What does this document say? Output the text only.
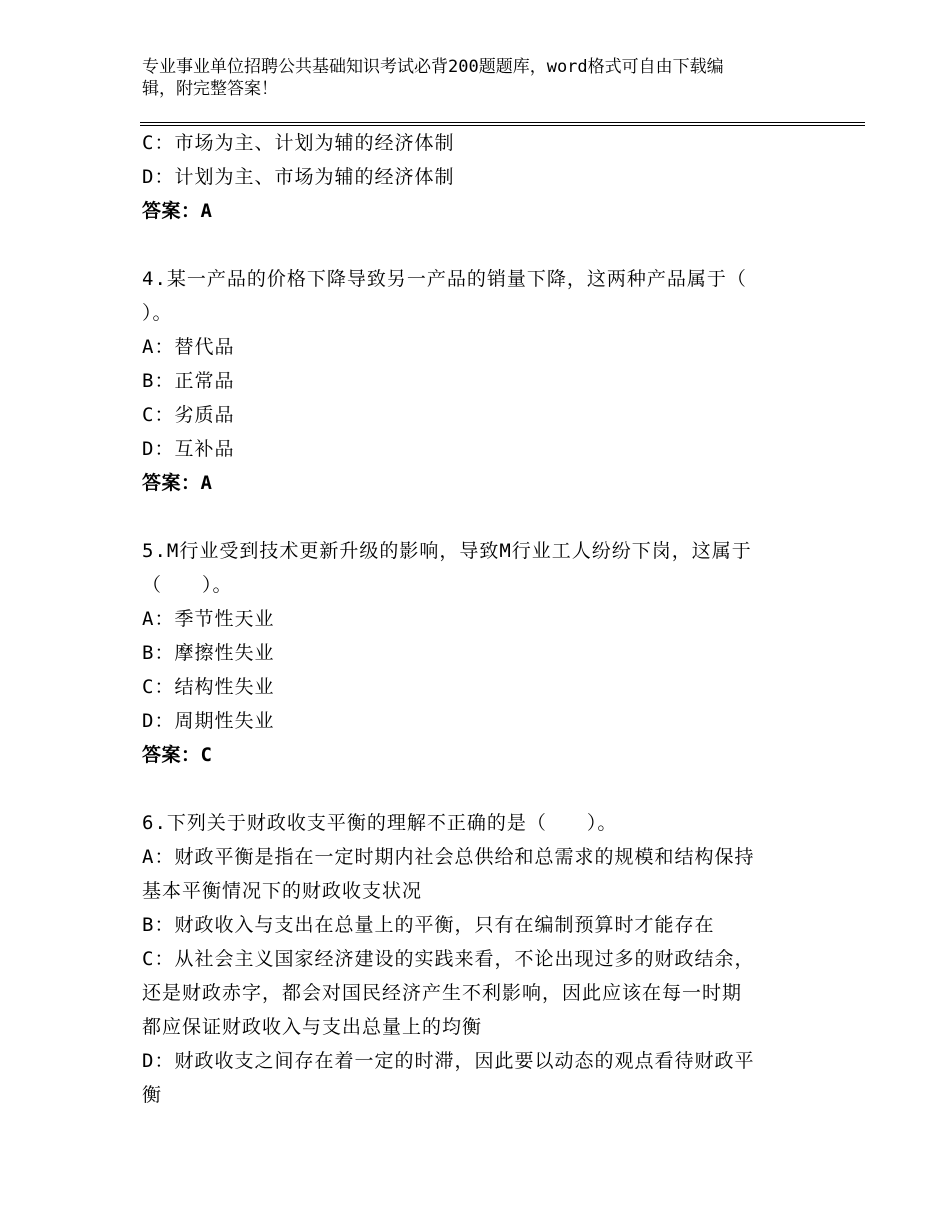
专业事业单位招聘公共基础知识考试必背200题题库，word格式可自由下载编
辑，附完整答案！
C：市场为主、计划为辅的经济体制
D：计划为主、市场为辅的经济体制
答案：A
4.某一产品的价格下降导致另一产品的销量下降，这两种产品属于（
）。
A：替代品
B：正常品
C：劣质品
D：互补品
答案：A
5.M行业受到技术更新升级的影响，导致M行业工人纷纷下岗，这属于
（　　）。
A：季节性天业
B：摩擦性失业
C：结构性失业
D：周期性失业
答案：C
6.下列关于财政收支平衡的理解不正确的是（　　）。
A：财政平衡是指在一定时期内社会总供给和总需求的规模和结构保持
基本平衡情况下的财政收支状况
B：财政收入与支出在总量上的平衡，只有在编制预算时才能存在
C：从社会主义国家经济建设的实践来看，不论出现过多的财政结余，
还是财政赤字，都会对国民经济产生不利影响，因此应该在每一时期
都应保证财政收入与支出总量上的均衡
D：财政收支之间存在着一定的时滞，因此要以动态的观点看待财政平
衡
